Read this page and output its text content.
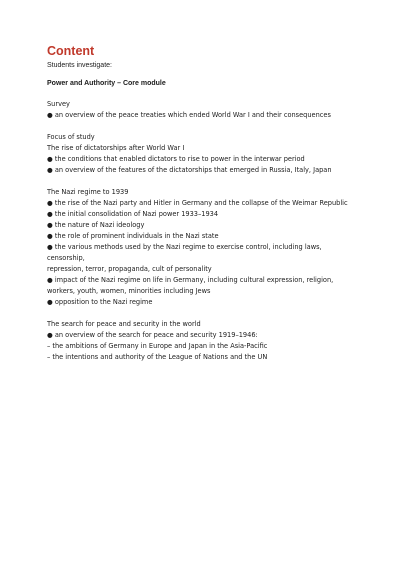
Content

Students investigate:

Power and Authority – Core module

Survey

● an overview of the peace treaties which ended World War I and their consequences

Focus of study

The rise of dictatorships after World War I

● the conditions that enabled dictators to rise to power in the interwar period

● an overview of the features of the dictatorships that emerged in Russia, Italy, Japan

The Nazi regime to 1939

● the rise of the Nazi party and Hitler in Germany and the collapse of the Weimar Republic

● the initial consolidation of Nazi power 1933–1934

● the nature of Nazi ideology

● the role of prominent individuals in the Nazi state

● the various methods used by the Nazi regime to exercise control, including laws,

censorship,

repression, terror, propaganda, cult of personality

● impact of the Nazi regime on life in Germany, including cultural expression, religion,

workers, youth, women, minorities including Jews

● opposition to the Nazi regime

The search for peace and security in the world

● an overview of the search for peace and security 1919–1946:

– the ambitions of Germany in Europe and Japan in the Asia-Pacific

– the intentions and authority of the League of Nations and the UN
